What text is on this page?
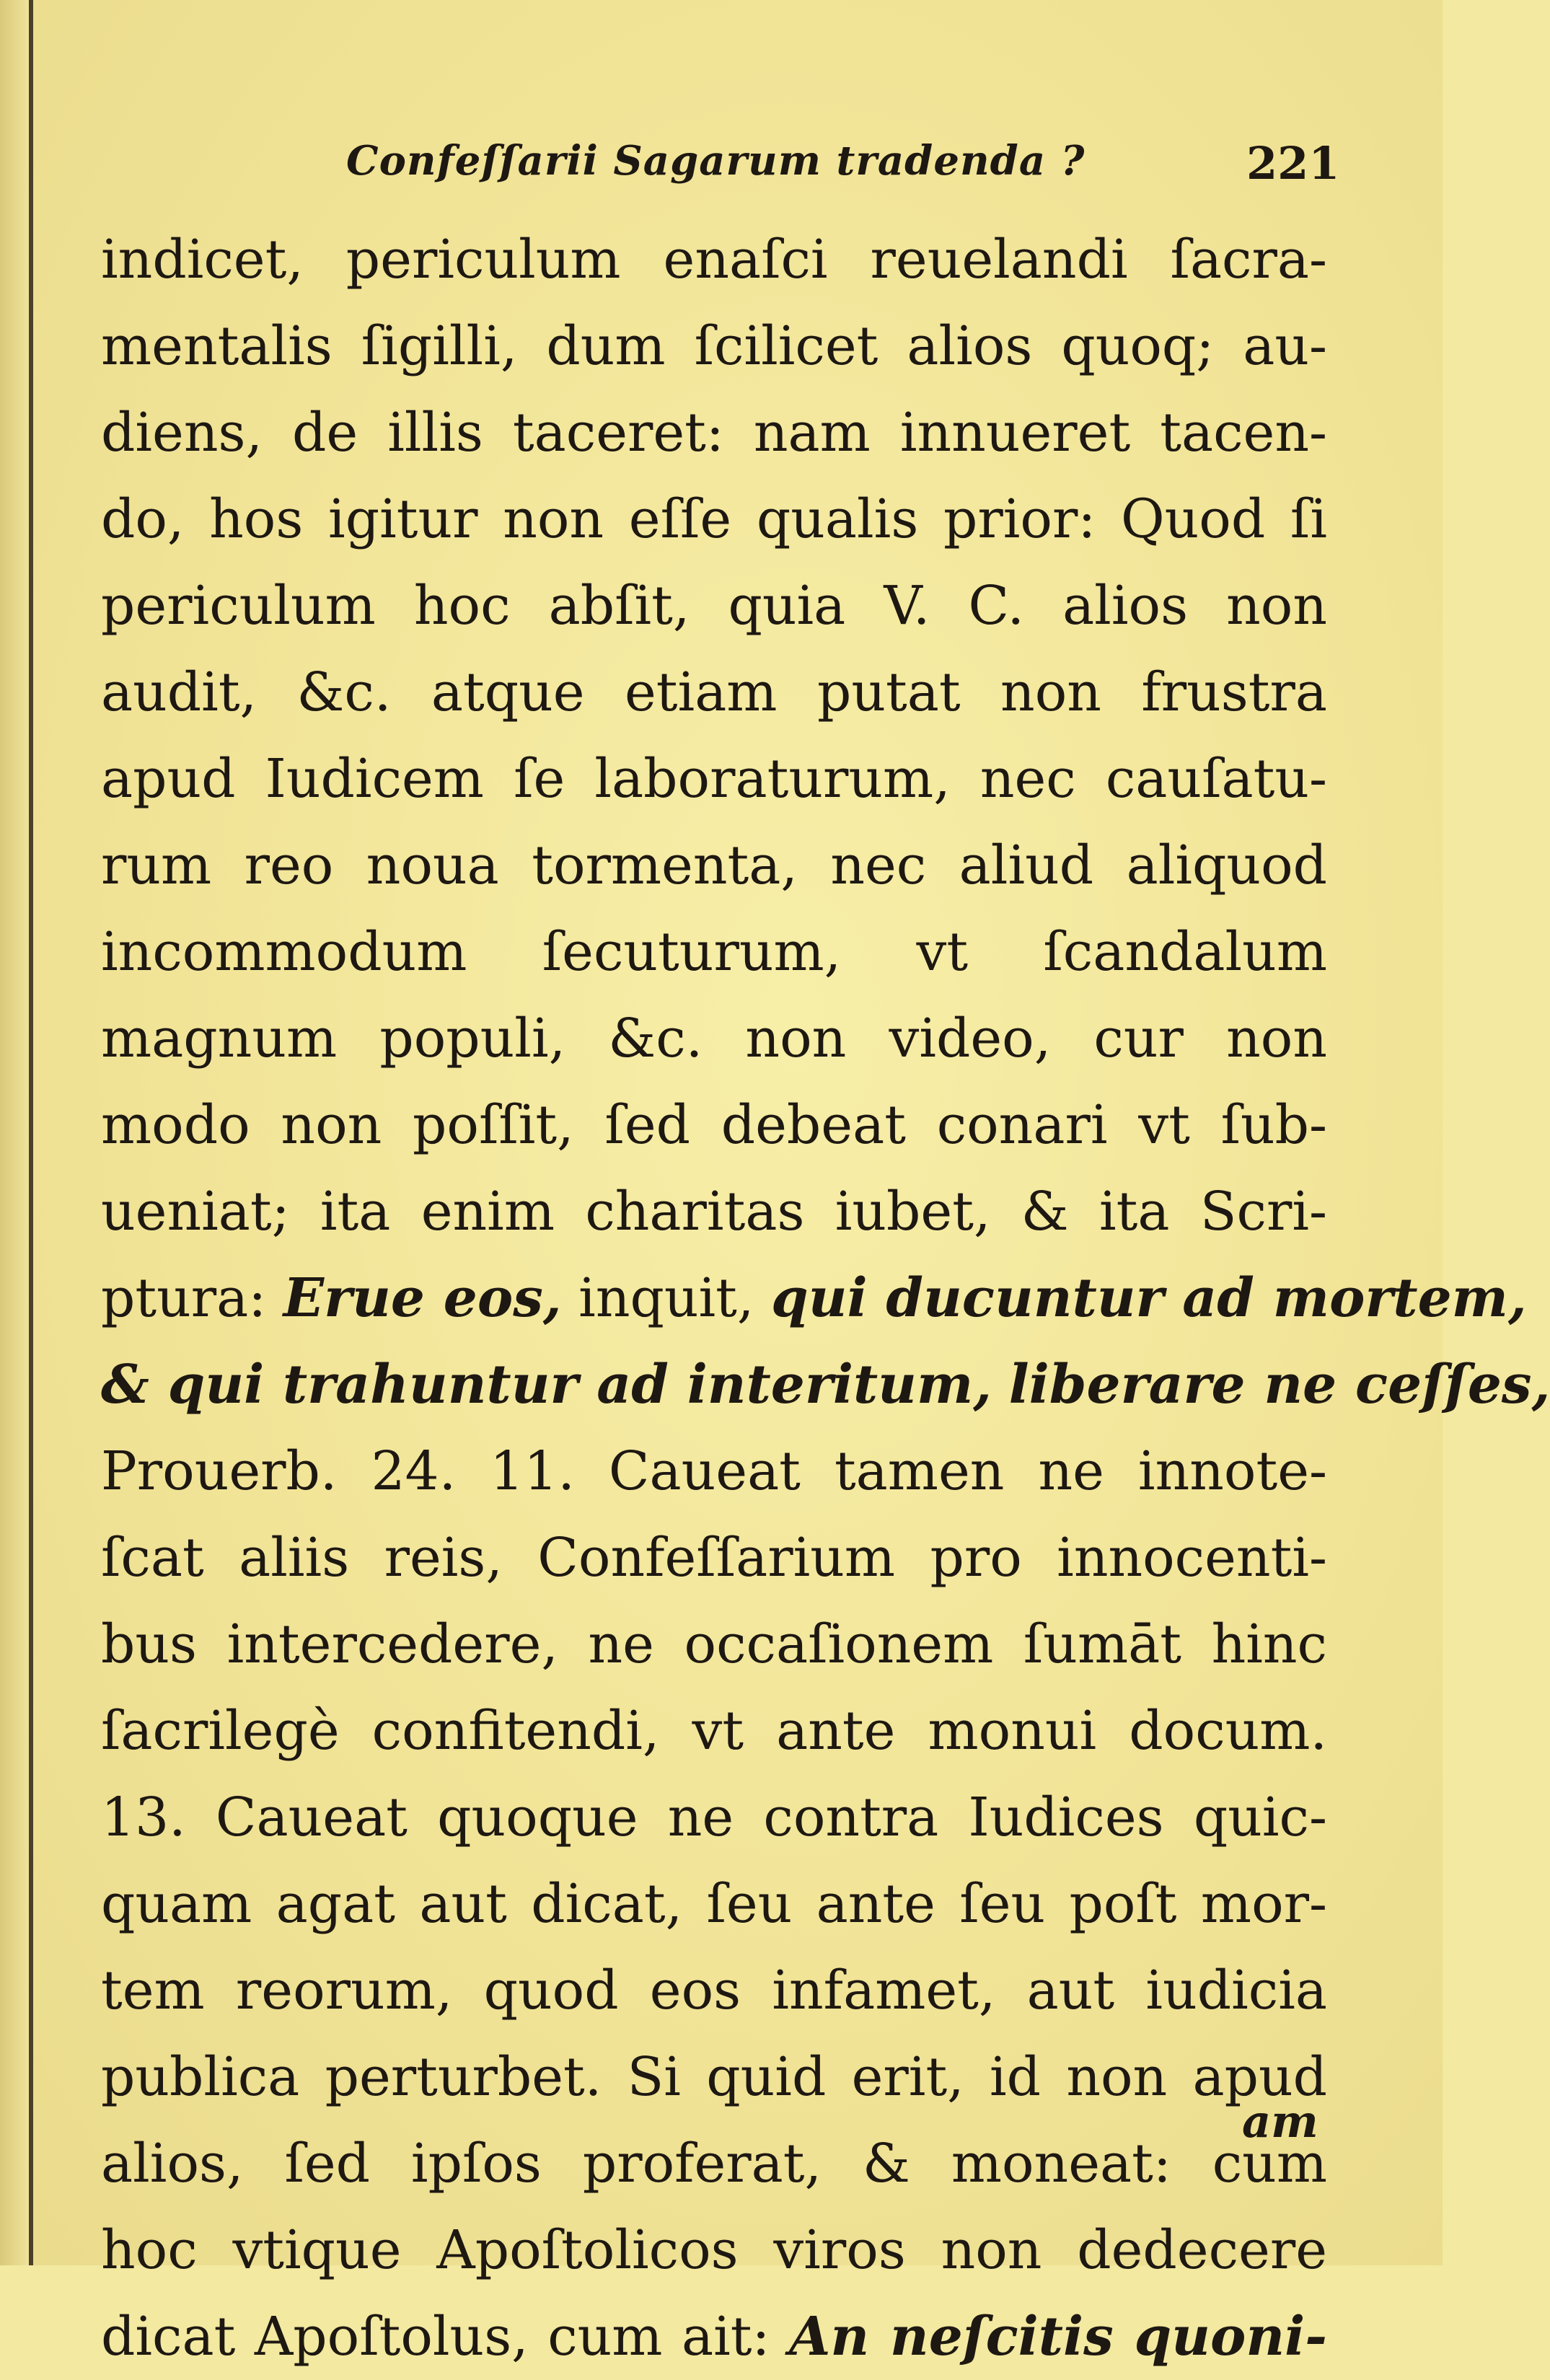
Confeſſarii Sagarum tradenda ?	221
indicet, periculum enaſci reuelandi ſacra-
mentalis ſigilli, dum ſcilicet alios quoq; au-
diens, de illis taceret: nam innueret tacen-
do, hos igitur non eſſe qualis prior: Quod ſi
periculum hoc abſit, quia V. C. alios non
audit, &c. atque etiam putat non frustra
apud Iudicem ſe laboraturum, nec cauſatu-
rum reo noua tormenta, nec aliud aliquod
incommodum ſecuturum, vt ſcandalum
magnum populi, &c. non video, cur non
modo non poſſit, ſed debeat conari vt ſub-
ueniat; ita enim charitas iubet, & ita Scri-
ptura: Erue eos, inquit, qui ducuntur ad mortem,
& qui trahuntur ad interitum, liberare ne ceſſes,
Prouerb. 24. 11. Caueat tamen ne innote-
ſcat aliis reis, Confeſſarium pro innocenti-
bus intercedere, ne occaſionem ſumāt hinc
ſacrilegè confitendi, vt ante monui docum.
13. Caueat quoque ne contra Iudices quic-
quam agat aut dicat, ſeu ante ſeu poſt mor-
tem reorum, quod eos infamet, aut iudicia
publica perturbet. Si quid erit, id non apud
alios, ſed ipſos proferat, & moneat: cum
hoc vtique Apoſtolicos viros non dedecere
dicat Apoſtolus, cum ait: An neſcitis quoni-
am
